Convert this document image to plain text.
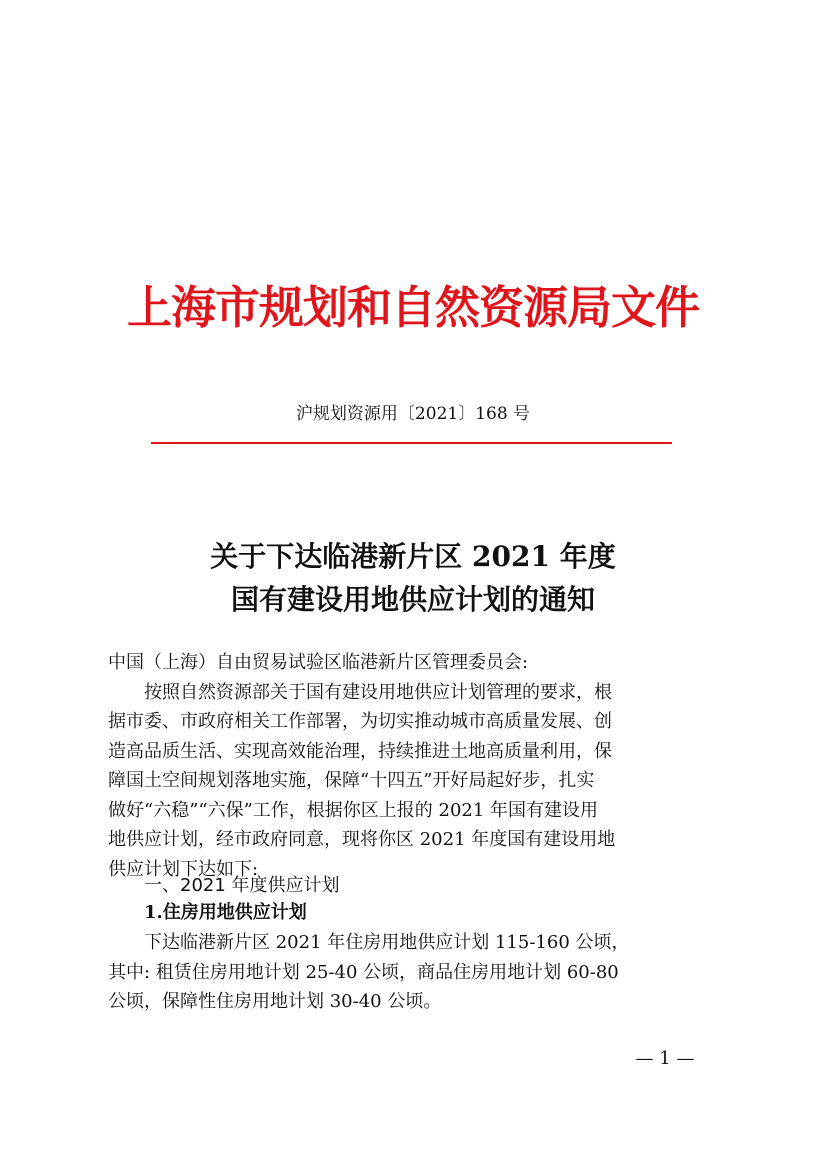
上海市规划和自然资源局文件
沪规划资源用〔2021〕168 号
关于下达临港新片区 2021 年度
国有建设用地供应计划的通知
中国（上海）自由贸易试验区临港新片区管理委员会:
　　按照自然资源部关于国有建设用地供应计划管理的要求，根
据市委、市政府相关工作部署，为切实推动城市高质量发展、创
造高品质生活、实现高效能治理，持续推进土地高质量利用，保
障国土空间规划落地实施，保障“十四五”开好局起好步，扎实
做好“六稳”“六保”工作，根据你区上报的 2021 年国有建设用
地供应计划，经市政府同意，现将你区 2021 年度国有建设用地
供应计划下达如下:
　　一、2021 年度供应计划
　　1.住房用地供应计划
　　下达临港新片区 2021 年住房用地供应计划 115-160 公顷，
其中: 租赁住房用地计划 25-40 公顷，商品住房用地计划 60-80
公顷，保障性住房用地计划 30-40 公顷。
— 1 —
